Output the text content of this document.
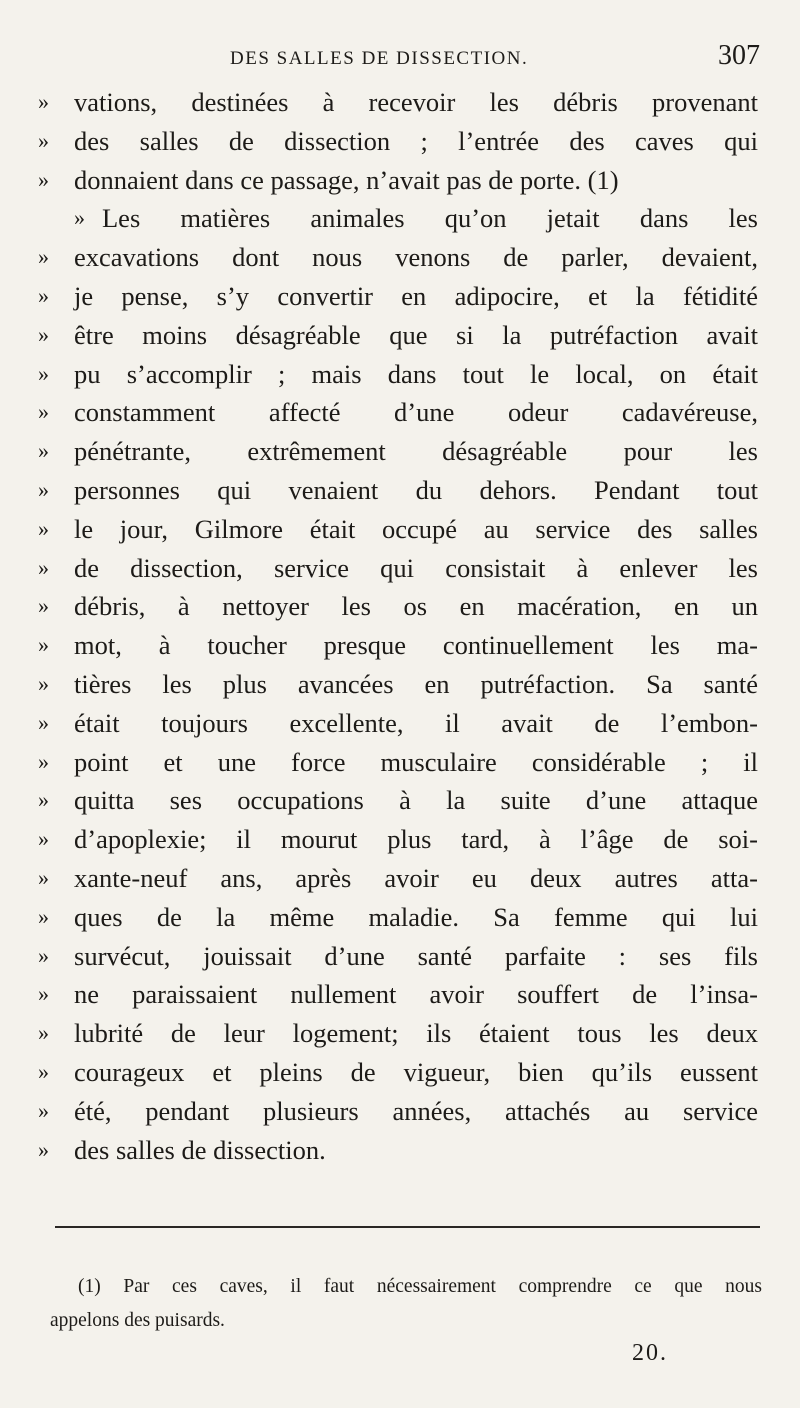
DES SALLES DE DISSECTION.	307
» vations, destinées à recevoir les débris provenant
» des salles de dissection ; l’entrée des caves qui
» donnaient dans ce passage, n’avait pas de porte. (1)
» Les matières animales qu’on jetait dans les
» excavations dont nous venons de parler, devaient,
» je pense, s’y convertir en adipocire, et la fétidité
» être moins désagréable que si la putréfaction avait
» pu s’accomplir ; mais dans tout le local, on était
» constamment affecté d’une odeur cadavéreuse,
» pénétrante, extrêmement désagréable pour les
» personnes qui venaient du dehors. Pendant tout
» le jour, Gilmore était occupé au service des salles
» de dissection, service qui consistait à enlever les
» débris, à nettoyer les os en macération, en un
» mot, à toucher presque continuellement les ma-
» tières les plus avancées en putréfaction. Sa santé
» était toujours excellente, il avait de l’embon-
» point et une force musculaire considérable ; il
» quitta ses occupations à la suite d’une attaque
» d’apoplexie; il mourut plus tard, à l’âge de soi-
» xante-neuf ans, après avoir eu deux autres atta-
» ques de la même maladie. Sa femme qui lui
» survécut, jouissait d’une santé parfaite : ses fils
» ne paraissaient nullement avoir souffert de l’insa-
» lubrité de leur logement; ils étaient tous les deux
» courageux et pleins de vigueur, bien qu’ils eussent
» été, pendant plusieurs années, attachés au service
» des salles de dissection.
(1) Par ces caves, il faut nécessairement comprendre ce que nous
appelons des puisards.
20.
